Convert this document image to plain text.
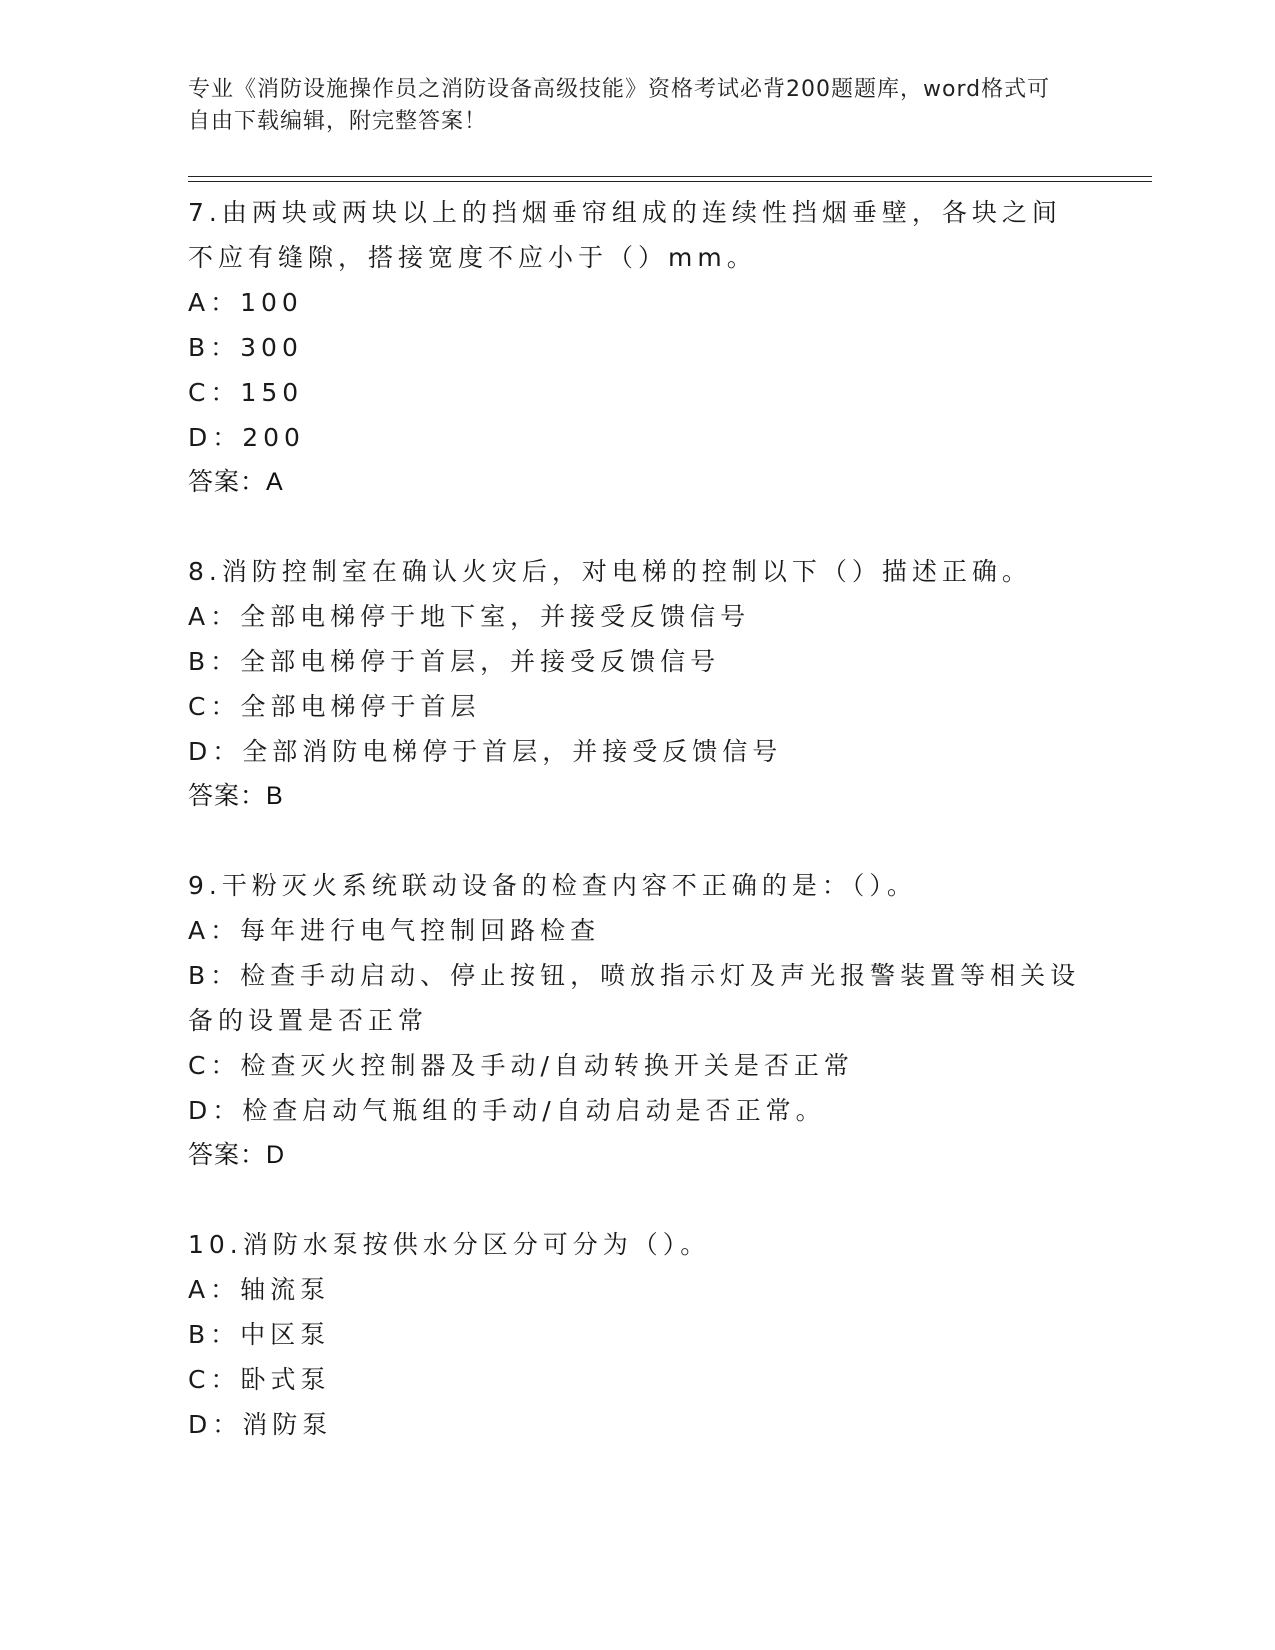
专业《消防设施操作员之消防设备高级技能》资格考试必背200题题库，word格式可自由下载编辑，附完整答案！
7.由两块或两块以上的挡烟垂帘组成的连续性挡烟垂壁，各块之间不应有缝隙，搭接宽度不应小于（）mm。
A：100
B：300
C：150
D：200
答案：A
8.消防控制室在确认火灾后，对电梯的控制以下（）描述正确。
A：全部电梯停于地下室，并接受反馈信号
B：全部电梯停于首层，并接受反馈信号
C：全部电梯停于首层
D：全部消防电梯停于首层，并接受反馈信号
答案：B
9.干粉灭火系统联动设备的检查内容不正确的是：（）。
A：每年进行电气控制回路检查
B：检查手动启动、停止按钮，喷放指示灯及声光报警装置等相关设备的设置是否正常
C：检查灭火控制器及手动/自动转换开关是否正常
D：检查启动气瓶组的手动/自动启动是否正常。
答案：D
10.消防水泵按供水分区分可分为（）。
A：轴流泵
B：中区泵
C：卧式泵
D：消防泵
